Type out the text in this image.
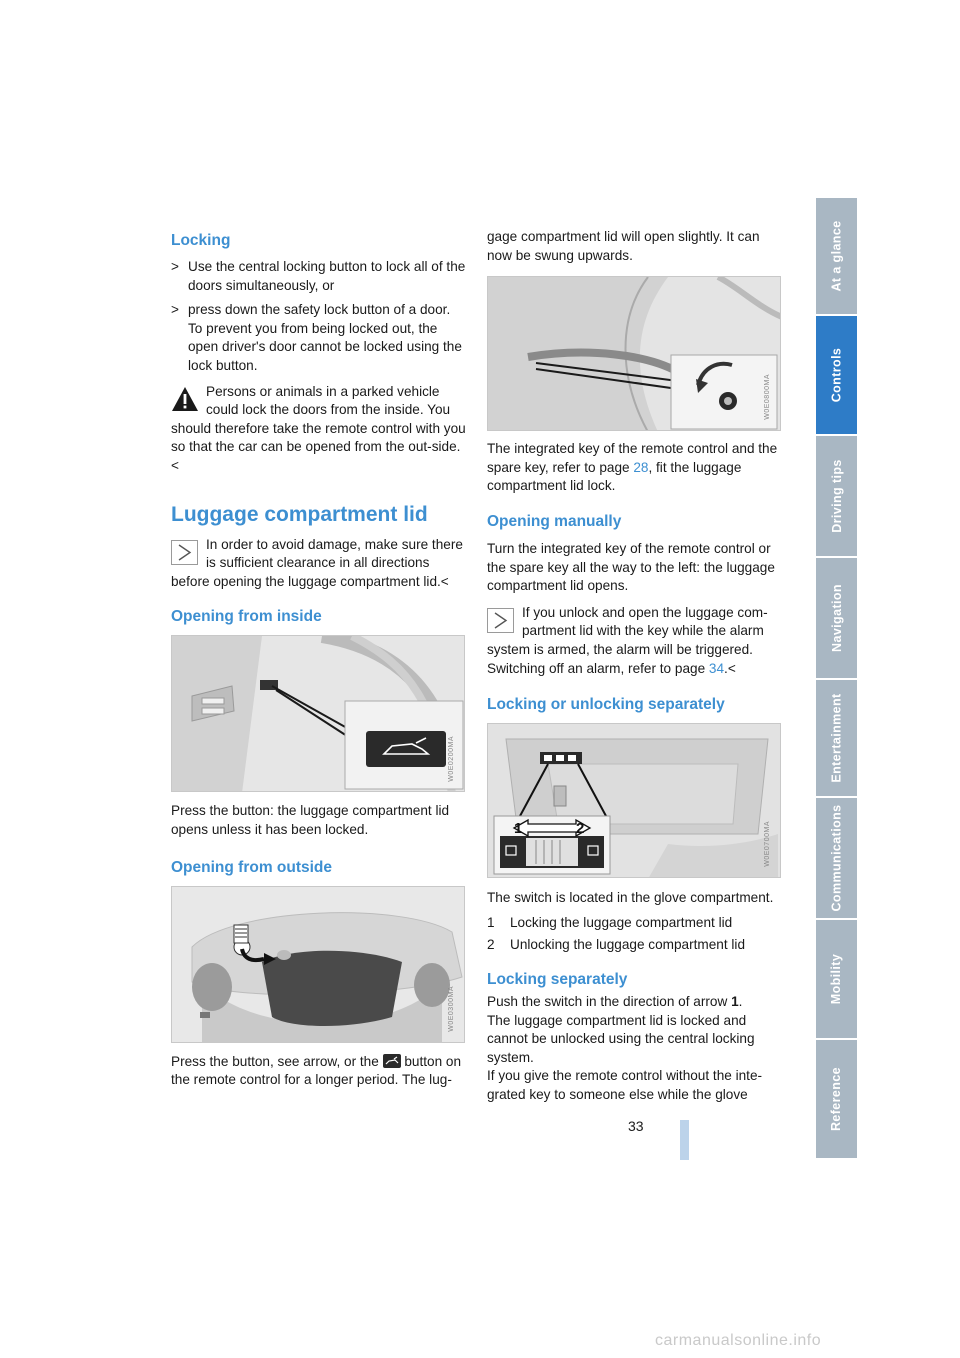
Locking

> Use the central locking button to lock all of the doors simultaneously, or

> press down the safety lock button of a door. To prevent you from being locked out, the open driver's door cannot be locked using the lock button.

Persons or animals in a parked vehicle could lock the doors from the inside. You

should therefore take the remote control with you so that the car can be opened from the out-side.<

Luggage compartment lid

In order to avoid damage, make sure there is sufficient clearance in all directions

before opening the luggage compartment lid.<

Opening from inside
W0E0200MA

Press the button: the luggage compartment lid opens unless it has been locked.

Opening from outside
W0E0300MA

Press the button, see arrow, or the button on the remote control for a longer period. The lug-

gage compartment lid will open slightly. It can now be swung upwards.

W0E0800MA

The integrated key of the remote control and the spare key, refer to page 28, fit the luggage compartment lid lock.

Opening manually

Turn the integrated key of the remote control or the spare key all the way to the left: the luggage compartment lid opens.

If you unlock and open the luggage com-partment lid with the key while the alarm

system is armed, the alarm will be triggered. Switching off an alarm, refer to page 34.<

Locking or unlocking separately
1	2	W0E0700MA

The switch is located in the glove compartment.

1	Locking the luggage compartment lid

2	Unlocking the luggage compartment lid

Locking separately

Push the switch in the direction of arrow 1.

The luggage compartment lid is locked and cannot be unlocked using the central locking system.

If you give the remote control without the inte-grated key to someone else while the glove

At a glance
Controls
Driving tips
Navigation
Entertainment
Communications
Mobility
Reference
33
carmanualsonline.info
